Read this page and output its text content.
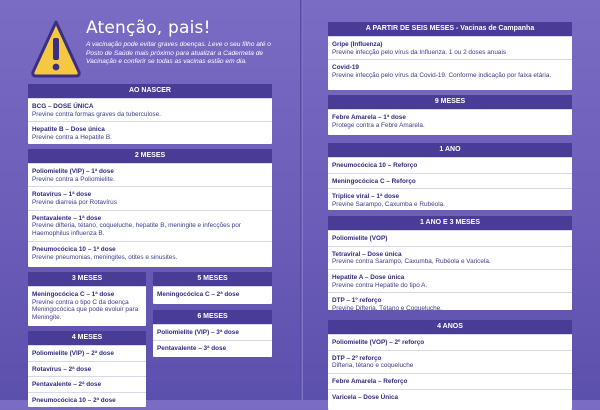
Atenção, pais!
A vacinação pode evitar graves doenças. Leve o seu filho até o Posto de Saúde mais próximo para atualizar a Caderneta de Vacinação e conferir se todas as vacinas estão em dia.
AO NASCER
BCG – DOSE ÚNICA
Previne contra formas graves da tuberculose.
Hepatite B – Dose única
Previne contra a Hepatite B.
2 MESES
Poliomielite (VIP) – 1ª dose
Previne contra a Poliomielite.
Rotavírus – 1ª dose
Previne diarreia por Rotavírus
Pentavalente – 1ª dose
Previne difteria, tétano, coqueluche, hepatite B, meningite e infecções por Haemophilus influenza B.
Pneumocócica 10 – 1ª dose
Previne pneumonias, meningites, otites e sinusites.
3 MESES
Meningocócica C – 1ª dose
Previne contra o tipo C da doença Meningocócica que pode evoluir para Meningite.
5 MESES
Meningocócica C – 2ª dose
6 MESES
Poliomielite (VIP) – 3ª dose
Pentavalente – 3ª dose
4 MESES
Poliomielite (VIP) – 2ª dose
Rotavírus – 2ª dose
Pentavalente – 2ª dose
Pneumocócica 10 – 2ª dose
A PARTIR DE SEIS MESES - Vacinas de Campanha
Gripe (Influenza)
Previne infecção pelo vírus da Influenza. 1 ou 2 doses anuais
Covid-19
Previne infecção pelo vírus da Covid-19. Conforme indicação por faixa etária.
9 MESES
Febre Amarela – 1ª dose
Protege contra a Febre Amarela.
1 ANO
Pneumocócica 10 – Reforço
Meningocócica C – Reforço
Tríplice viral – 1ª dose
Previne Sarampo, Caxumba e Rubéola.
1 ANO E 3 MESES
Poliomielite (VOP)
Tetraviral – Dose única
Previne contra Sarampo, Caxumba, Rubéola e Varicela.
Hepatite A – Dose única
Previne contra Hepatite do tipo A.
DTP – 1º reforço
Previne Difteria, Tétano e Coqueluche.
4 ANOS
Poliomielite (VOP) – 2º reforço
DTP – 2º reforço
Difteria, tétano e coqueluche
Febre Amarela – Reforço
Varicela – Dose Única
